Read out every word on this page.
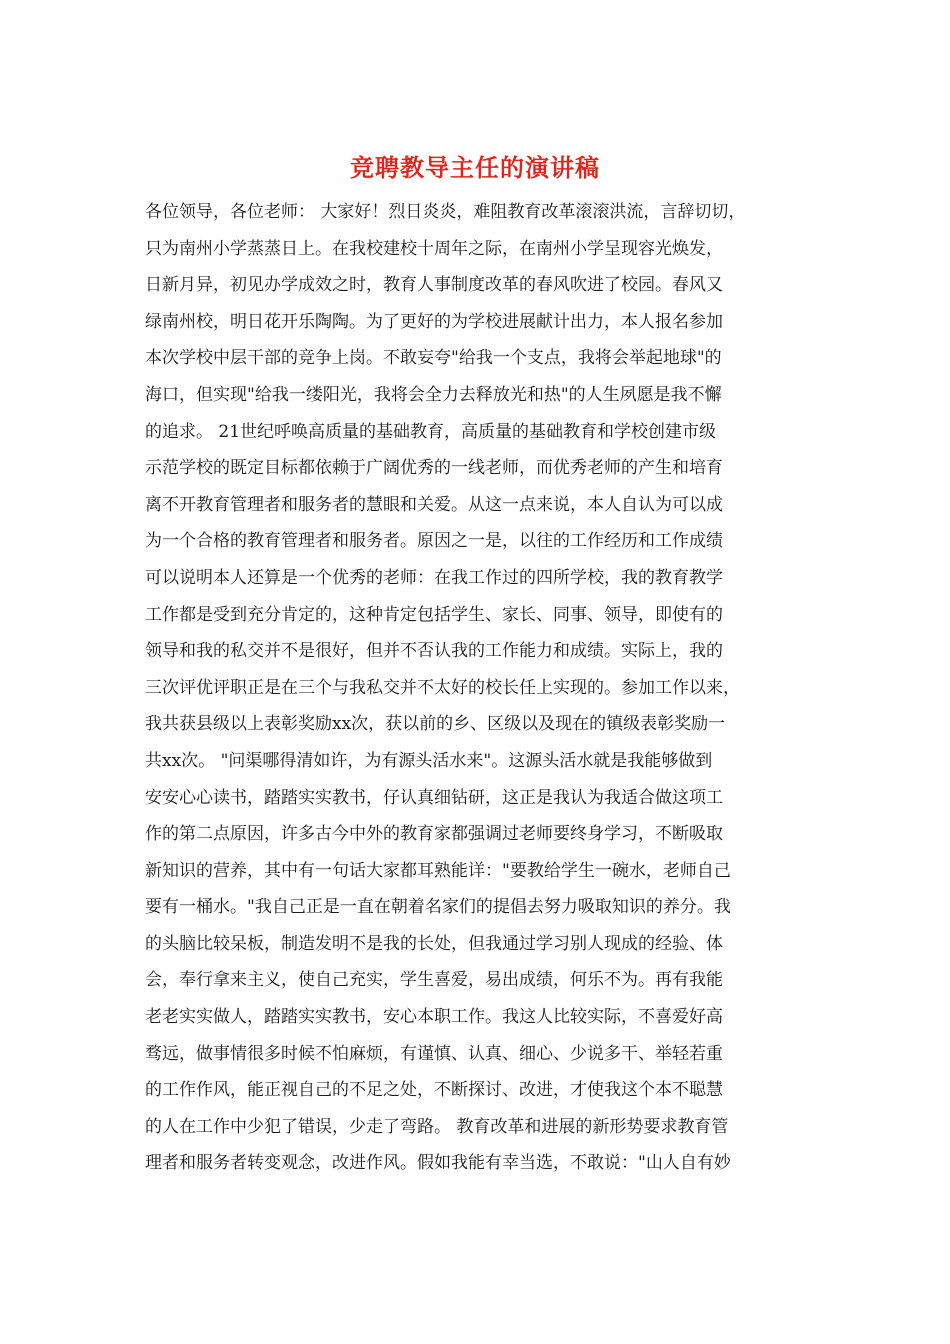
竞聘教导主任的演讲稿
各位领导，各位老师： 大家好！烈日炎炎，难阻教育改革滚滚洪流，言辞切切，
只为南州小学蒸蒸日上。在我校建校十周年之际，在南州小学呈现容光焕发，
日新月异，初见办学成效之时，教育人事制度改革的春风吹进了校园。春风又
绿南州校，明日花开乐陶陶。为了更好的为学校进展献计出力，本人报名参加
本次学校中层干部的竞争上岗。不敢妄夸"给我一个支点，我将会举起地球"的
海口，但实现"给我一缕阳光，我将会全力去释放光和热"的人生夙愿是我不懈
的追求。 21世纪呼唤高质量的基础教育，高质量的基础教育和学校创建市级
示范学校的既定目标都依赖于广阔优秀的一线老师，而优秀老师的产生和培育
离不开教育管理者和服务者的慧眼和关爱。从这一点来说，本人自认为可以成
为一个合格的教育管理者和服务者。原因之一是，以往的工作经历和工作成绩
可以说明本人还算是一个优秀的老师：在我工作过的四所学校，我的教育教学
工作都是受到充分肯定的，这种肯定包括学生、家长、同事、领导，即使有的
领导和我的私交并不是很好，但并不否认我的工作能力和成绩。实际上，我的
三次评优评职正是在三个与我私交并不太好的校长任上实现的。参加工作以来，
我共获县级以上表彰奖励xx次，获以前的乡、区级以及现在的镇级表彰奖励一
共xx次。 "问渠哪得清如许，为有源头活水来"。这源头活水就是我能够做到
安安心心读书，踏踏实实教书，仔认真细钻研，这正是我认为我适合做这项工
作的第二点原因，许多古今中外的教育家都强调过老师要终身学习，不断吸取
新知识的营养，其中有一句话大家都耳熟能详："要教给学生一碗水，老师自己
要有一桶水。"我自己正是一直在朝着名家们的提倡去努力吸取知识的养分。我
的头脑比较呆板，制造发明不是我的长处，但我通过学习别人现成的经验、体
会，奉行拿来主义，使自己充实，学生喜爱，易出成绩，何乐不为。再有我能
老老实实做人，踏踏实实教书，安心本职工作。我这人比较实际，不喜爱好高
骛远，做事情很多时候不怕麻烦，有谨慎、认真、细心、少说多干、举轻若重
的工作作风，能正视自己的不足之处，不断探讨、改进，才使我这个本不聪慧
的人在工作中少犯了错误，少走了弯路。 教育改革和进展的新形势要求教育管
理者和服务者转变观念，改进作风。假如我能有幸当选，不敢说："山人自有妙
